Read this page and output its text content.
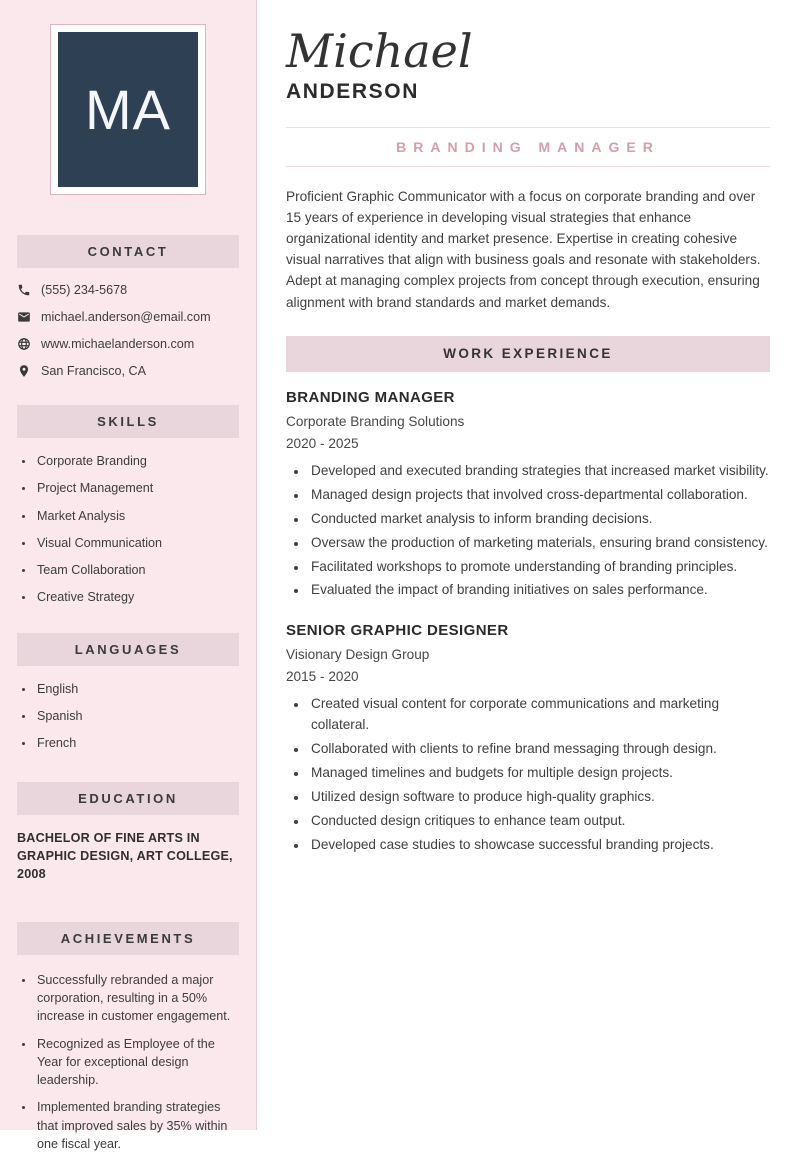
MA
CONTACT
(555) 234-5678
michael.anderson@email.com
www.michaelanderson.com
San Francisco, CA
SKILLS
• Corporate Branding
• Project Management
• Market Analysis
• Visual Communication
• Team Collaboration
• Creative Strategy
LANGUAGES
• English
• Spanish
• French
EDUCATION

BACHELOR OF FINE ARTS IN GRAPHIC DESIGN, ART COLLEGE, 2008

ACHIEVEMENTS
• Successfully rebranded a major corporation, resulting in a 50% increase in customer engagement.
• Recognized as Employee of the Year for exceptional design leadership.
• Implemented branding strategies that improved sales by 35% within one fiscal year.
Michael
ANDERSON
BRANDING MANAGER

Proficient Graphic Communicator with a focus on corporate branding and over 15 years of experience in developing visual strategies that enhance organizational identity and market presence. Expertise in creating cohesive visual narratives that align with business goals and resonate with stakeholders. Adept at managing complex projects from concept through execution, ensuring alignment with brand standards and market demands.

WORK EXPERIENCE
BRANDING MANAGER
Corporate Branding Solutions
2020 - 2025
• Developed and executed branding strategies that increased market visibility.
• Managed design projects that involved cross-departmental collaboration.
• Conducted market analysis to inform branding decisions.
• Oversaw the production of marketing materials, ensuring brand consistency.
• Facilitated workshops to promote understanding of branding principles.
• Evaluated the impact of branding initiatives on sales performance.
SENIOR GRAPHIC DESIGNER
Visionary Design Group
2015 - 2020
• Created visual content for corporate communications and marketing collateral.
• Collaborated with clients to refine brand messaging through design.
• Managed timelines and budgets for multiple design projects.
• Utilized design software to produce high-quality graphics.
• Conducted design critiques to enhance team output.
• Developed case studies to showcase successful branding projects.
